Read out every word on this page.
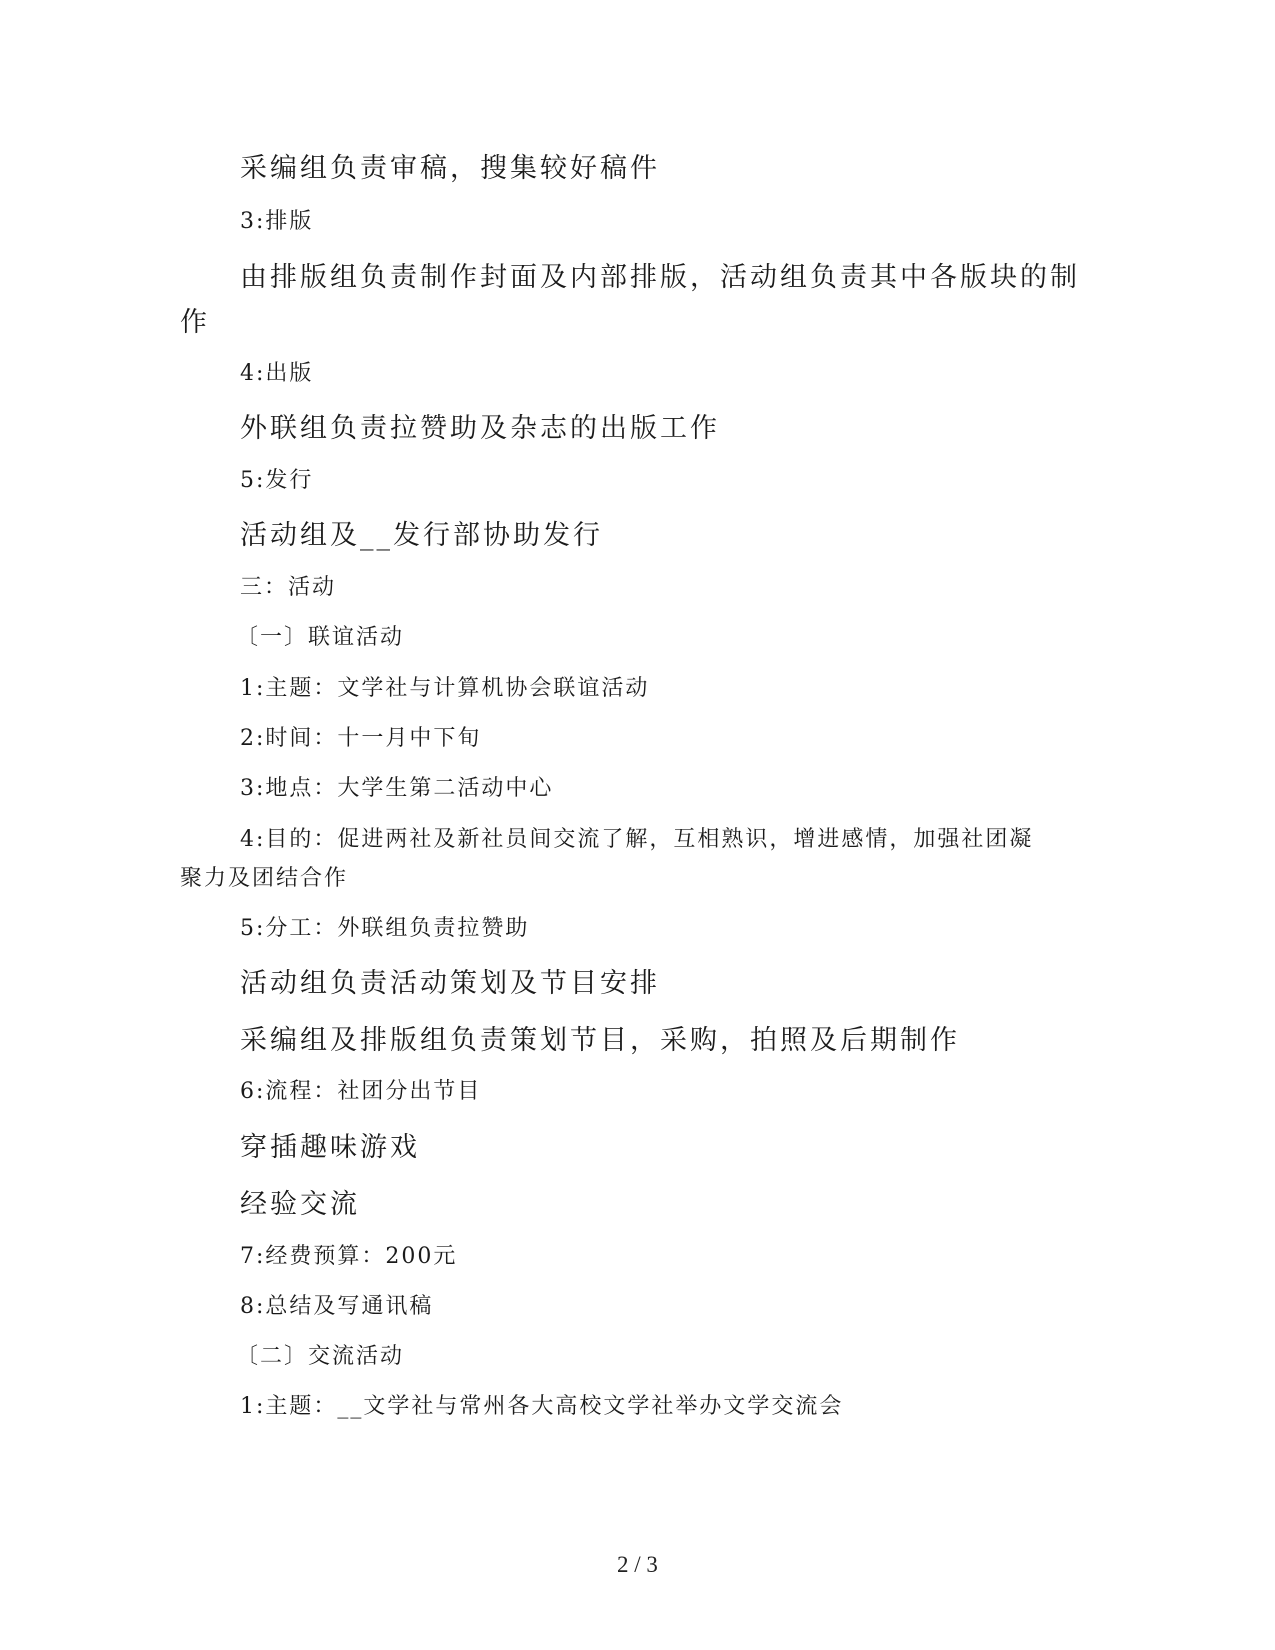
采编组负责审稿，搜集较好稿件
3:排版
由排版组负责制作封面及内部排版，活动组负责其中各版块的制
作
4:出版
外联组负责拉赞助及杂志的出版工作
5:发行
活动组及__发行部协助发行
三：活动
〔一〕联谊活动
1:主题：文学社与计算机协会联谊活动
2:时间：十一月中下旬
3:地点：大学生第二活动中心
4:目的：促进两社及新社员间交流了解，互相熟识，增进感情，加强社团凝
聚力及团结合作
5:分工：外联组负责拉赞助
活动组负责活动策划及节目安排
采编组及排版组负责策划节目，采购，拍照及后期制作
6:流程：社团分出节目
穿插趣味游戏
经验交流
7:经费预算：200元
8:总结及写通讯稿
〔二〕交流活动
1:主题：__文学社与常州各大高校文学社举办文学交流会
2 / 3
